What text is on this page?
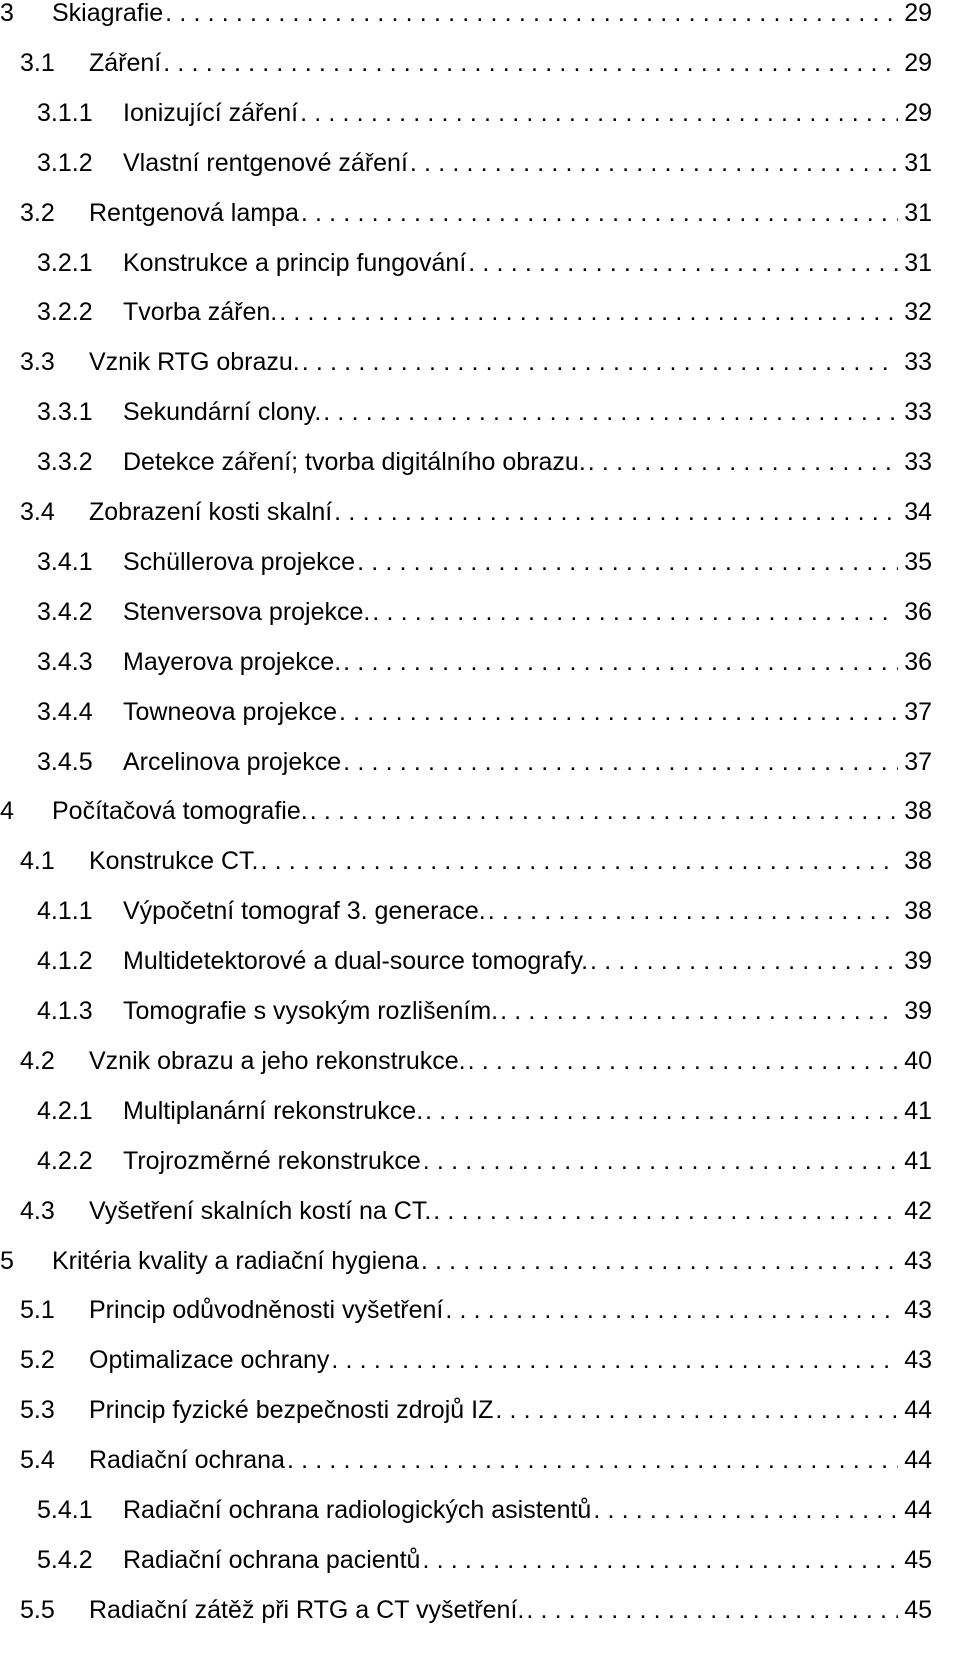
3	Skiagrafie .....	29
3.1	Záření .....	29
3.1.1	Ionizující záření .....	29
3.1.2	Vlastní rentgenové záření .....	31
3.2	Rentgenová lampa .....	31
3.2.1	Konstrukce a princip fungování .....	31
3.2.2	Tvorba zářen. .....	32
3.3	Vznik RTG obrazu. .....	33
3.3.1	Sekundární clony. .....	33
3.3.2	Detekce záření; tvorba digitálního obrazu. .....	33
3.4	Zobrazení kosti skalní .....	34
3.4.1	Schüllerova projekce .....	35
3.4.2	Stenversova projekce. .....	36
3.4.3	Mayerova projekce. .....	36
3.4.4	Towneova projekce .....	37
3.4.5	Arcelinova projekce .....	37
4	Počítačová tomografie. .....	38
4.1	Konstrukce CT. .....	38
4.1.1	Výpočetní tomograf 3. generace. .....	38
4.1.2	Multidetektorové a dual-source tomografy. .....	39
4.1.3	Tomografie s vysokým rozlišením. .....	39
4.2	Vznik obrazu a jeho rekonstrukce. .....	40
4.2.1	Multiplanární rekonstrukce. .....	41
4.2.2	Trojrozměrné rekonstrukce .....	41
4.3	Vyšetření skalních kostí na CT. .....	42
5	Kritéria kvality a radiační hygiena .....	43
5.1	Princip odůvodněnosti vyšetření .....	43
5.2	Optimalizace ochrany .....	43
5.3	Princip fyzické bezpečnosti zdrojů IZ .....	44
5.4	Radiační ochrana .....	44
5.4.1	Radiační ochrana radiologických asistentů .....	44
5.4.2	Radiační ochrana pacientů .....	45
5.5	Radiační zátěž při RTG a CT vyšetření. .....	45
